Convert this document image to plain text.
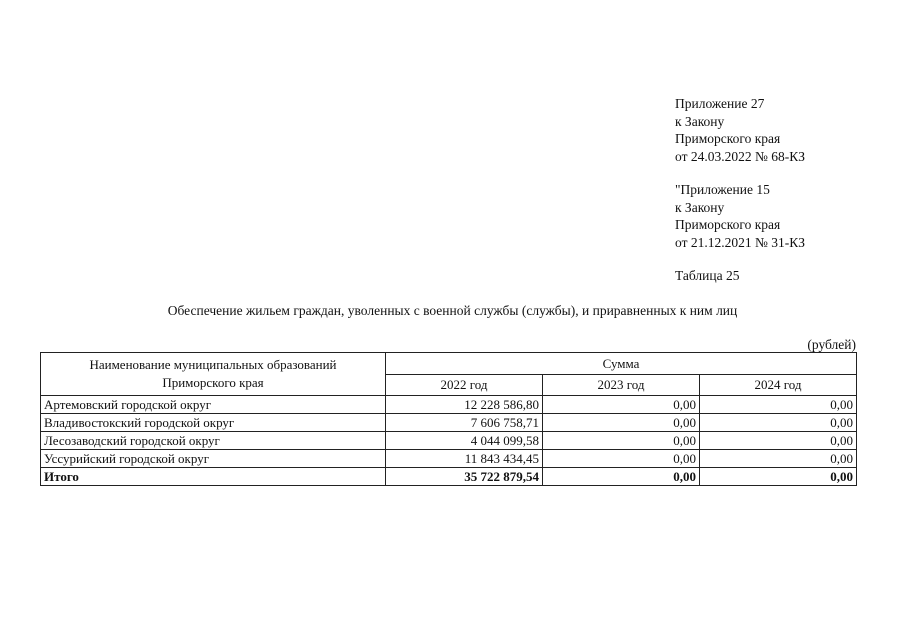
Приложение 27
к Закону
Приморского края
от 24.03.2022 № 68-КЗ
"Приложение 15
к Закону
Приморского края
от 21.12.2021 № 31-КЗ
Таблица 25
Обеспечение жильем граждан, уволенных с военной службы (службы), и приравненных к ним лиц
(рублей)
Наименование муниципальных образований
Приморского края	Сумма		
	2022 год	2023 год	2024 год
Артемовский городской округ	12 228 586,80	0,00	0,00
Владивостокский городской округ	7 606 758,71	0,00	0,00
Лесозаводский городской округ	4 044 099,58	0,00	0,00
Уссурийский городской округ	11 843 434,45	0,00	0,00
Итого	35 722 879,54	0,00	0,00
